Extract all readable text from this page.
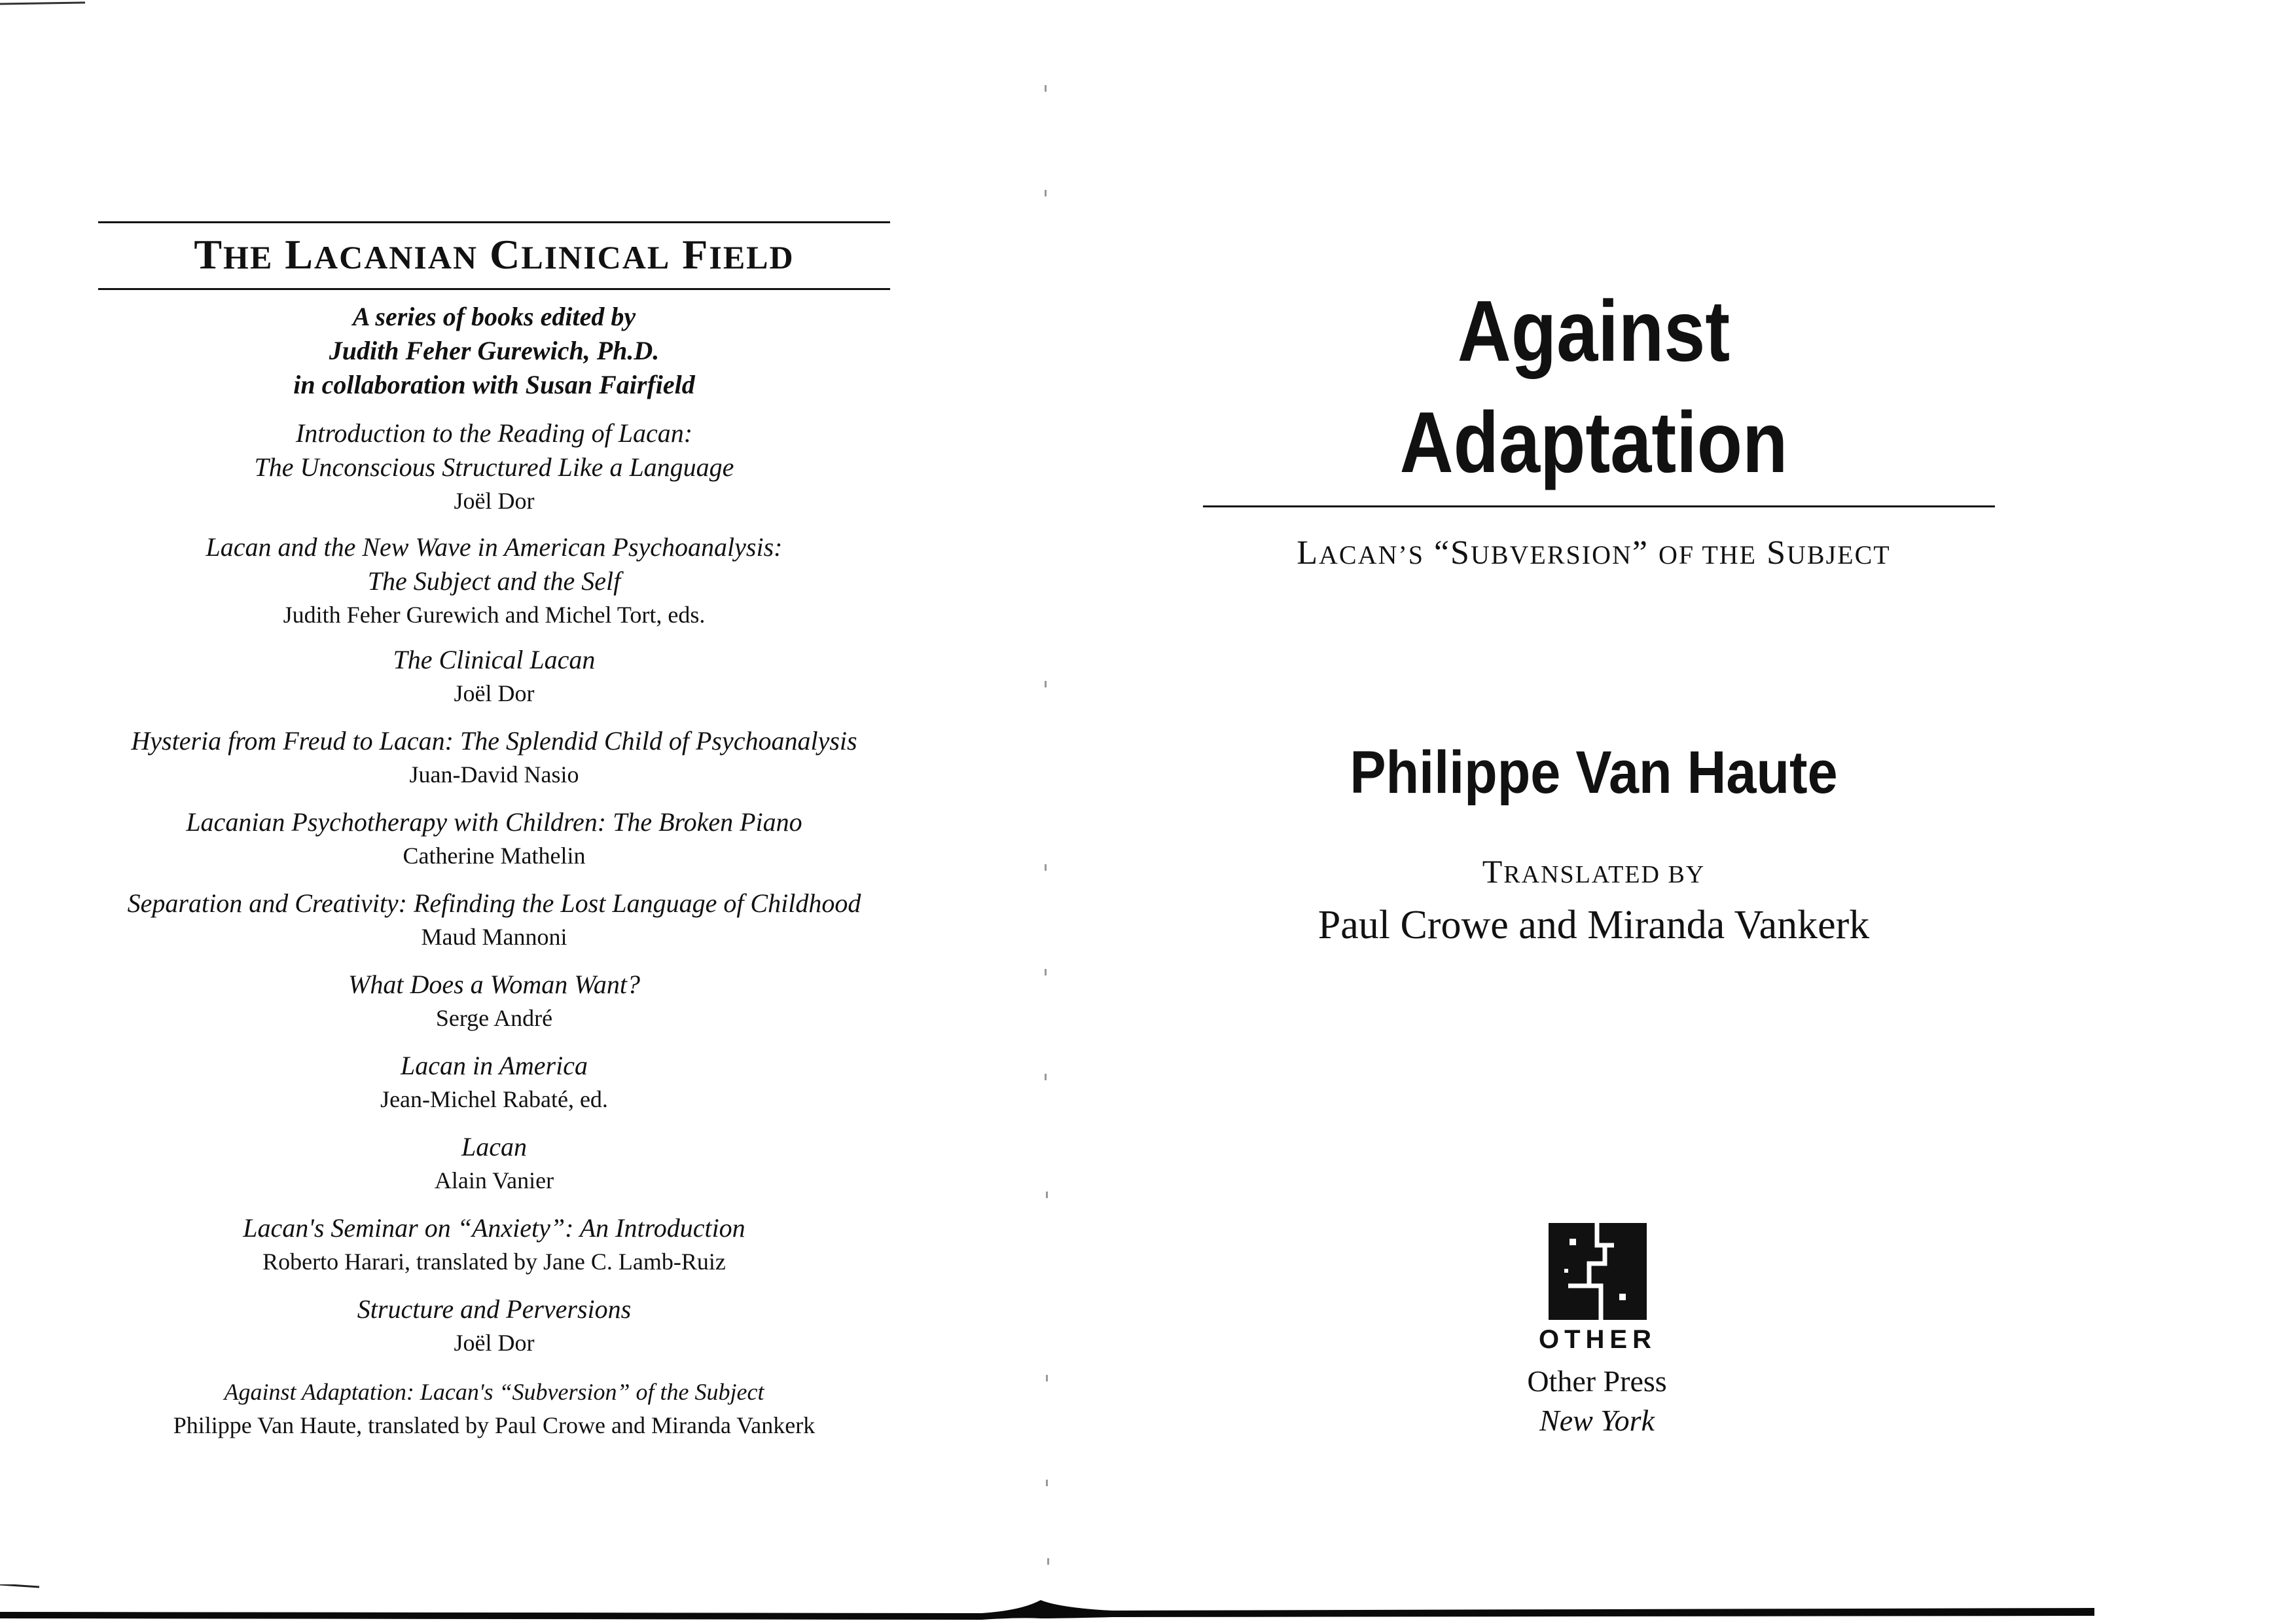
THE LACANIAN CLINICAL FIELD
A series of books edited by
Judith Feher Gurewich, Ph.D.
in collaboration with Susan Fairfield
Introduction to the Reading of Lacan:
The Unconscious Structured Like a Language
Joël Dor
Lacan and the New Wave in American Psychoanalysis:
The Subject and the Self
Judith Feher Gurewich and Michel Tort, eds.
The Clinical Lacan
Joël Dor
Hysteria from Freud to Lacan: The Splendid Child of Psychoanalysis
Juan-David Nasio
Lacanian Psychotherapy with Children: The Broken Piano
Catherine Mathelin
Separation and Creativity: Refinding the Lost Language of Childhood
Maud Mannoni
What Does a Woman Want?
Serge André
Lacan in America
Jean-Michel Rabaté, ed.
Lacan
Alain Vanier
Lacan's Seminar on “Anxiety”: An Introduction
Roberto Harari, translated by Jane C. Lamb-Ruiz
Structure and Perversions
Joël Dor
Against Adaptation: Lacan's “Subversion” of the Subject
Philippe Van Haute, translated by Paul Crowe and Miranda Vankerk
Against
Adaptation
LACAN’S “SUBVERSION” OF THE SUBJECT
Philippe Van Haute
TRANSLATED BY
Paul Crowe and Miranda Vankerk
OTHER
Other Press
New York
